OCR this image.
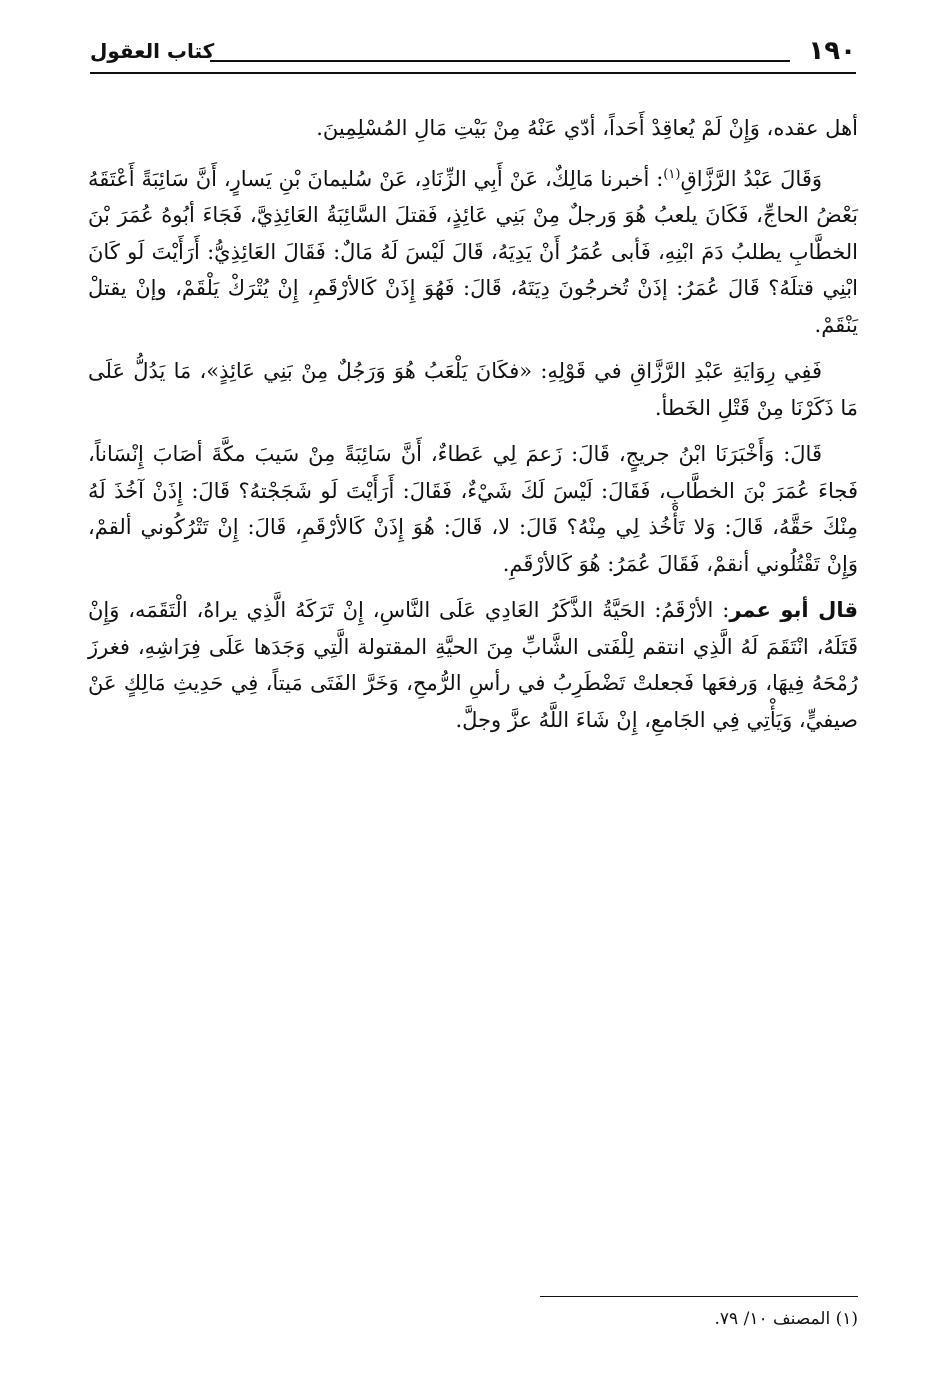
١٩٠
كتاب العقول

أهل عقده، وَإِنْ لَمْ يُعاقِدْ أَحَداً، أدّي عَنْهُ مِنْ بَيْتِ مَالِ المُسْلِمِينَ.

وَقَالَ عَبْدُ الرَّزَّاقِ$^{(١)}$: أخبرنا مَالِكٌ، عَنْ أَبِي الزِّنَادِ، عَنْ سُليمانَ بْنِ يَسارٍ، أَنَّ سَائِبَةً أَعْتَقَهُ بَعْضُ الحاجِّ، فَكَانَ يلعبُ هُوَ وَرجلٌ مِنْ بَنِي عَائِذٍ، فَقتلَ السَّائِبَةُ العَائِذِيَّ، فَجَاءَ أبُوهُ عُمَرَ بْنَ الخطَّابِ يطلبُ دَمَ ابْنِهِ، فَأبى عُمَرُ أَنْ يَدِيَهُ، قَالَ لَيْسَ لَهُ مَالٌ: فَقَالَ العَائِذِيُّ: أَرَأَيْتَ لَو كَانَ ابْنِي قتلَهُ؟ قَالَ عُمَرُ: إذَنْ تُخرجُونَ دِيَتَهُ، قَالَ: فَهُوَ إِذَنْ كَالأرْقَمِ، إِنْ يُتْرَكْ يَلْقَمْ، وإنْ يقتلْ يَنْقَمْ.

فَفِي رِوَايَةِ عَبْدِ الرَّزَّاقِ في قَوْلِهِ: «فكَانَ يَلْعَبُ هُوَ وَرَجُلٌ مِنْ بَنِي عَائِذٍ»، مَا يَدُلُّ عَلَى مَا ذَكَرْنَا مِنْ قَتْلِ الخَطأ.

قَالَ: وَأَخْبَرَنَا ابْنُ جريجٍ، قَالَ: زَعمَ لِي عَطاءٌ، أَنَّ سَائِبَةً مِنْ سَيبَ مكَّةَ أصَابَ إِنْسَاناً، فَجاءَ عُمَرَ بْنَ الخطَّابِ، فَقَالَ: لَيْسَ لَكَ شَيْءٌ، فَقَالَ: أَرَأَيْتَ لَو شَجَجْتهُ؟ قَالَ: إِذَنْ آخُذَ لَهُ مِنْكَ حَقَّهُ، قَالَ: وَلا تَأْخُذ لِي مِنْهُ؟ قَالَ: لا، قَالَ: هُوَ إِذَنْ كَالأرْقَمِ، قَالَ: إِنْ تَتْرُكُوني ألقمْ، وَإِنْ تَقْتُلُوني أنقمْ، فَقَالَ عُمَرُ: هُوَ كَالأرْقَمِ.

قال أبو عمر: الأرْقَمُ: الحَيَّةُ الذَّكَرُ العَادِي عَلَى النَّاسِ، إِنْ تَرَكَهُ الَّذِي يراهُ، الْتَقَمَه، وَإِنْ قَتَلَهُ، انْتَقَمَ لَهُ الَّذِي انتقم لِلْفَتى الشَّابِّ مِنَ الحيَّةِ المقتولة الَّتِي وَجَدَها عَلَى فِرَاشِهِ، فغرزَ رُمْحَهُ فِيهَا، وَرفعَها فَجعلتْ تَضْطَرِبُ في رأسِ الرُّمحِ، وَخَرَّ الفَتَى مَيتاً، فِي حَدِيثِ مَالِكٍ عَنْ صيفيٍّ، وَيَأْتِي فِي الجَامعِ، إِنْ شَاءَ اللَّهُ عزَّ وجلَّ.

(١) المصنف ١٠/ ٧٩.
